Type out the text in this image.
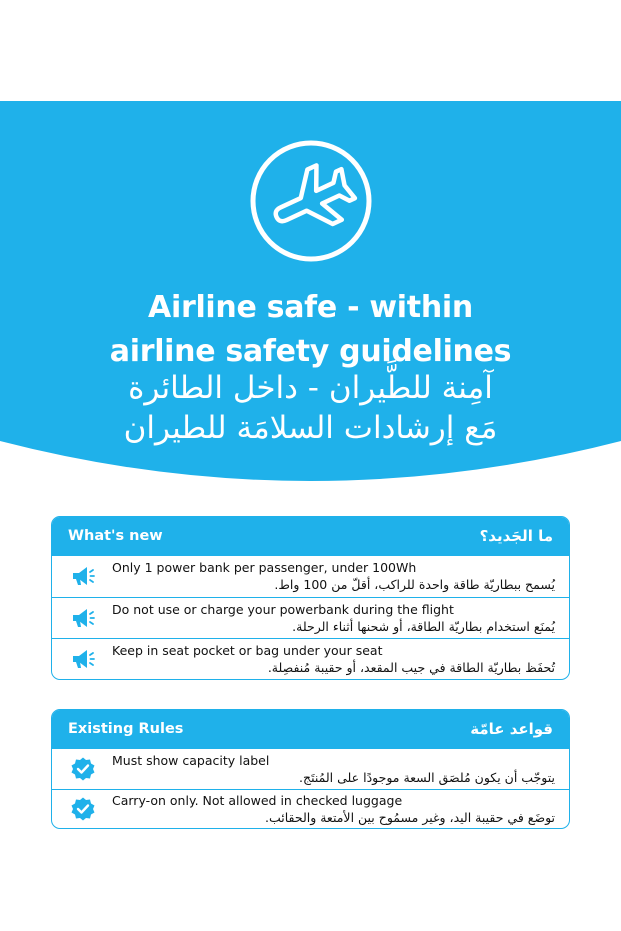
Airline safe - within
airline safety guidelines
آمِنة للطَّيران - داخل الطائرة
مَع إرشادات السلامَة للطيران
What's new	ما الجَديد؟
Only 1 power bank per passenger, under 100Wh
يُسمح ببطاريّة طاقة واحدة للراكب، أقلّ من 100 واط.
Do not use or charge your powerbank during the flight
يُمنَع استخدام بطاريّة الطاقة، أو شحنها أثناء الرحلة.
Keep in seat pocket or bag under your seat
تُحفَظ بطاريّة الطاقة في جيب المقعد، أو حقيبة مُنفصِلة.
Existing Rules	قواعد عامّة
Must show capacity label
يتوجّب أن يكون مُلصَق السعة موجودًا على المُنتَج.
Carry-on only. Not allowed in checked luggage
توضَع في حقيبة اليد، وغير مسمُوح بين الأمتعة والحقائب.
